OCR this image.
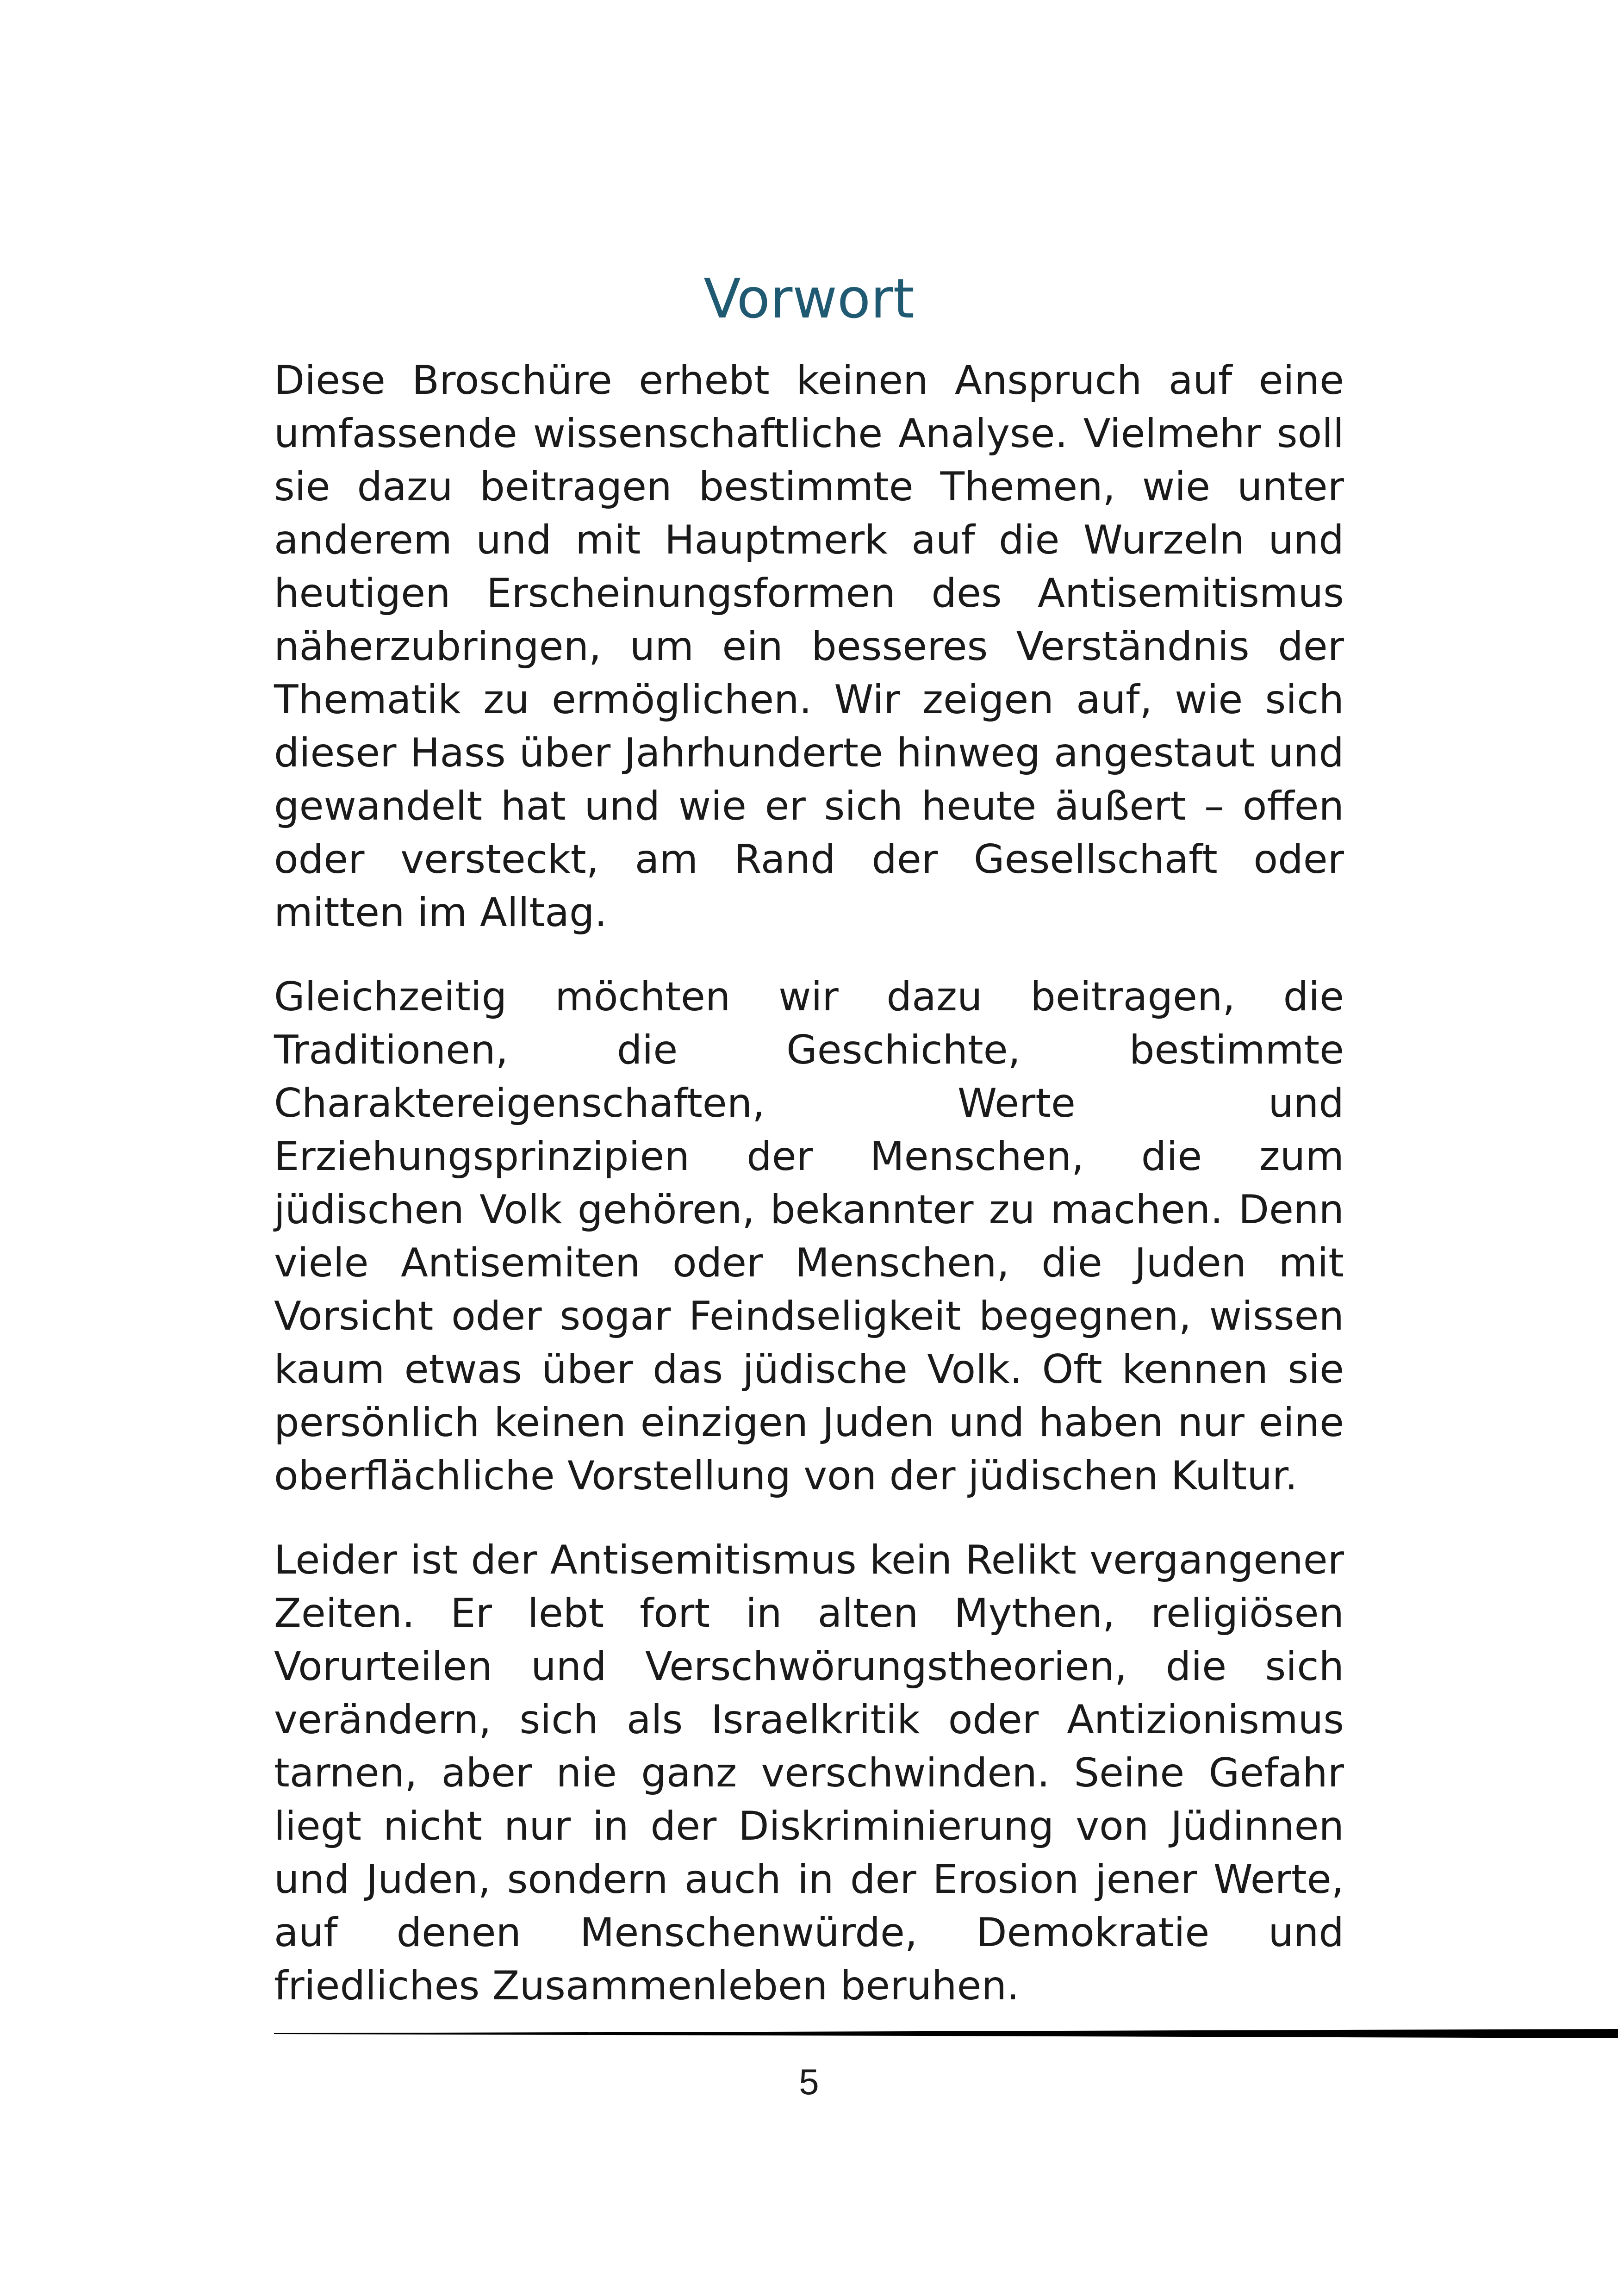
Vorwort

Diese Broschüre erhebt keinen Anspruch auf eine umfassende wissenschaftliche Analyse. Vielmehr soll sie dazu beitragen bestimmte Themen, wie unter anderem und mit Hauptmerk auf die Wurzeln und heutigen Erscheinungsformen des Antisemitismus näherzubringen, um ein besseres Verständnis der Thematik zu ermöglichen. Wir zeigen auf, wie sich dieser Hass über Jahrhunderte hinweg angestaut und gewandelt hat und wie er sich heute äußert – offen oder versteckt, am Rand der Gesellschaft oder mitten im Alltag.

Gleichzeitig möchten wir dazu beitragen, die Traditionen, die Geschichte, bestimmte Charaktereigenschaften, Werte und Erziehungsprinzipien der Menschen, die zum jüdischen Volk gehören, bekannter zu machen. Denn viele Antisemiten oder Menschen, die Juden mit Vorsicht oder sogar Feindseligkeit begegnen, wissen kaum etwas über das jüdische Volk. Oft kennen sie persönlich keinen einzigen Juden und haben nur eine oberflächliche Vorstellung von der jüdischen Kultur.

Leider ist der Antisemitismus kein Relikt vergangener Zeiten. Er lebt fort in alten Mythen, religiösen Vorurteilen und Verschwörungstheorien, die sich verändern, sich als Israelkritik oder Antizionismus tarnen, aber nie ganz verschwinden. Seine Gefahr liegt nicht nur in der Diskriminierung von Jüdinnen und Juden, sondern auch in der Erosion jener Werte, auf denen Menschenwürde, Demokratie und friedliches Zusammenleben beruhen.

5
